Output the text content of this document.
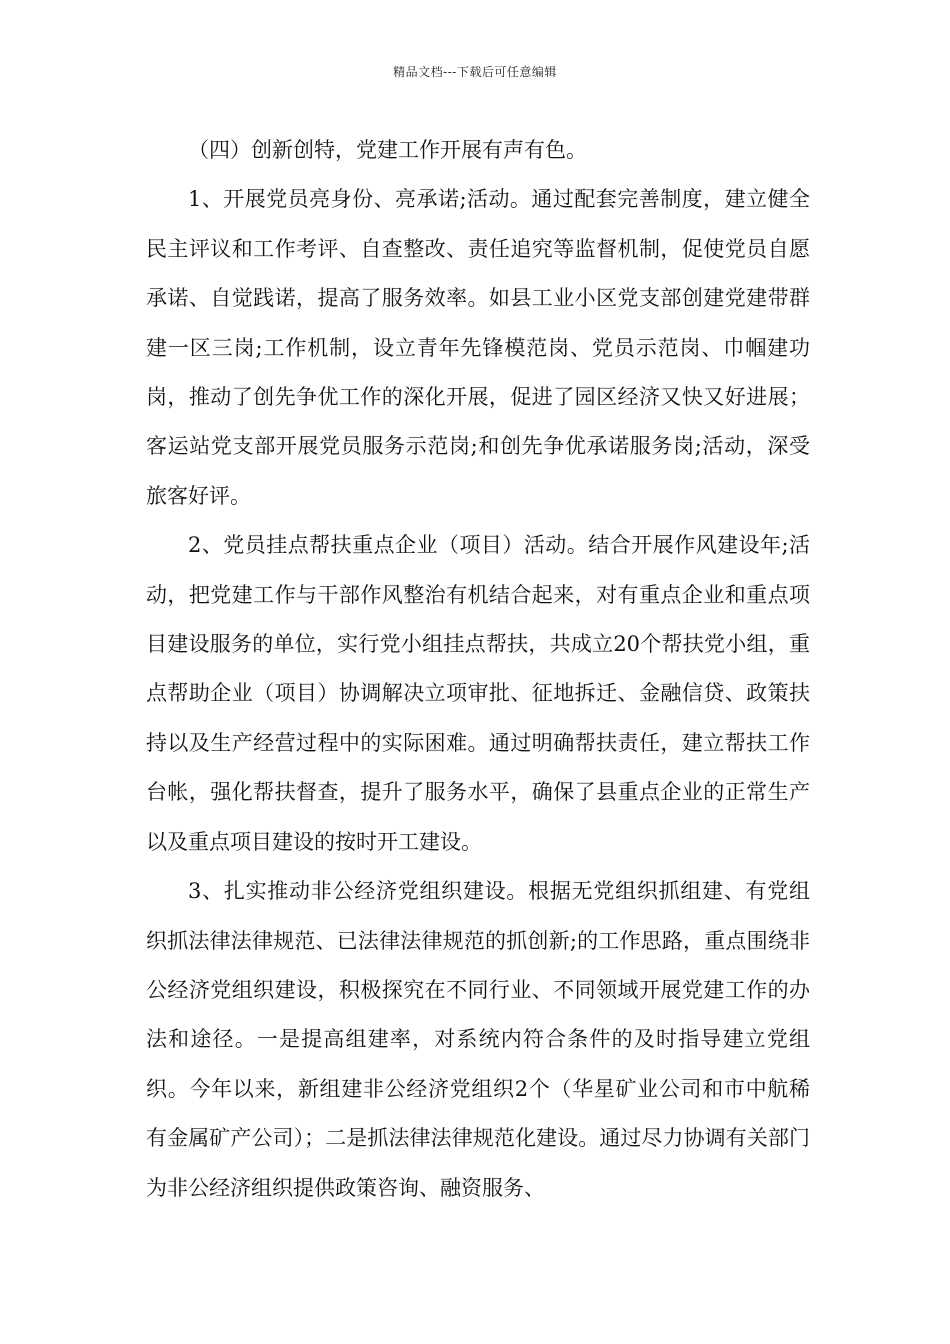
精品文档---下载后可任意编辑

（四）创新创特，党建工作开展有声有色。

1、开展党员亮身份、亮承诺;活动。通过配套完善制度，建立健全民主评议和工作考评、自查整改、责任追究等监督机制，促使党员自愿承诺、自觉践诺，提高了服务效率。如县工业小区党支部创建党建带群建一区三岗;工作机制，设立青年先锋模范岗、党员示范岗、巾帼建功岗，推动了创先争优工作的深化开展，促进了园区经济又快又好进展；客运站党支部开展党员服务示范岗;和创先争优承诺服务岗;活动，深受旅客好评。

2、党员挂点帮扶重点企业（项目）活动。结合开展作风建设年;活动，把党建工作与干部作风整治有机结合起来，对有重点企业和重点项目建设服务的单位，实行党小组挂点帮扶，共成立20个帮扶党小组，重点帮助企业（项目）协调解决立项审批、征地拆迁、金融信贷、政策扶持以及生产经营过程中的实际困难。通过明确帮扶责任，建立帮扶工作台帐，强化帮扶督查，提升了服务水平，确保了县重点企业的正常生产以及重点项目建设的按时开工建设。

3、扎实推动非公经济党组织建设。根据无党组织抓组建、有党组织抓法律法律规范、已法律法律规范的抓创新;的工作思路，重点围绕非公经济党组织建设，积极探究在不同行业、不同领域开展党建工作的办法和途径。一是提高组建率，对系统内符合条件的及时指导建立党组织。今年以来，新组建非公经济党组织2个（华星矿业公司和市中航稀有金属矿产公司）；二是抓法律法律规范化建设。通过尽力协调有关部门为非公经济组织提供政策咨询、融资服务、
